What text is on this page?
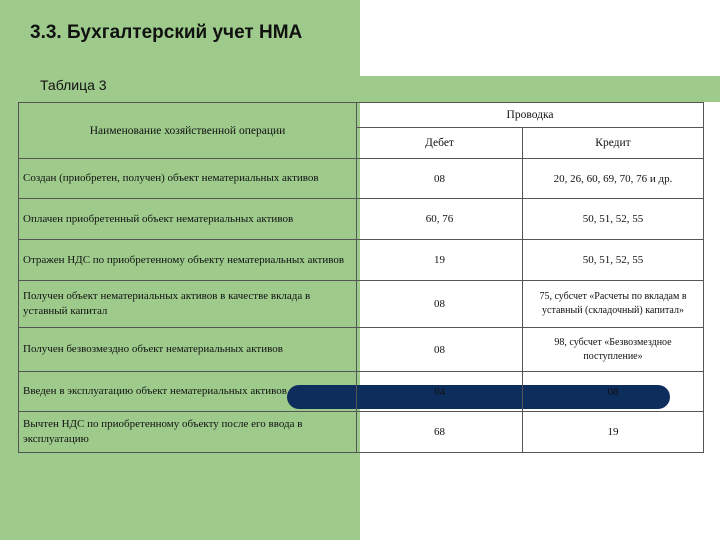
3.3. Бухгалтерский учет НМА
Таблица 3
Наименование хозяйственной операции	Проводка	
	Дебет	Кредит
Создан (приобретен, получен) объект нематериальных активов	08	20, 26, 60, 69, 70, 76 и др.
Оплачен приобретенный объект нематериальных активов	60, 76	50, 51, 52, 55
Отражен НДС по приобретенному объекту нематериальных активов	19	50, 51, 52, 55
Получен объект нематериальных активов в качестве вклада в уставный капитал	08	75, субсчет «Расчеты по вкладам в уставный (складочный) капитал»
Получен безвозмездно объект нематериальных активов	08	98, субсчет «Безвозмездное поступление»
Введен в эксплуатацию объект нематериальных активов	04	08
Вычтен НДС по приобретенному объекту после его ввода в эксплуатацию	68	19
